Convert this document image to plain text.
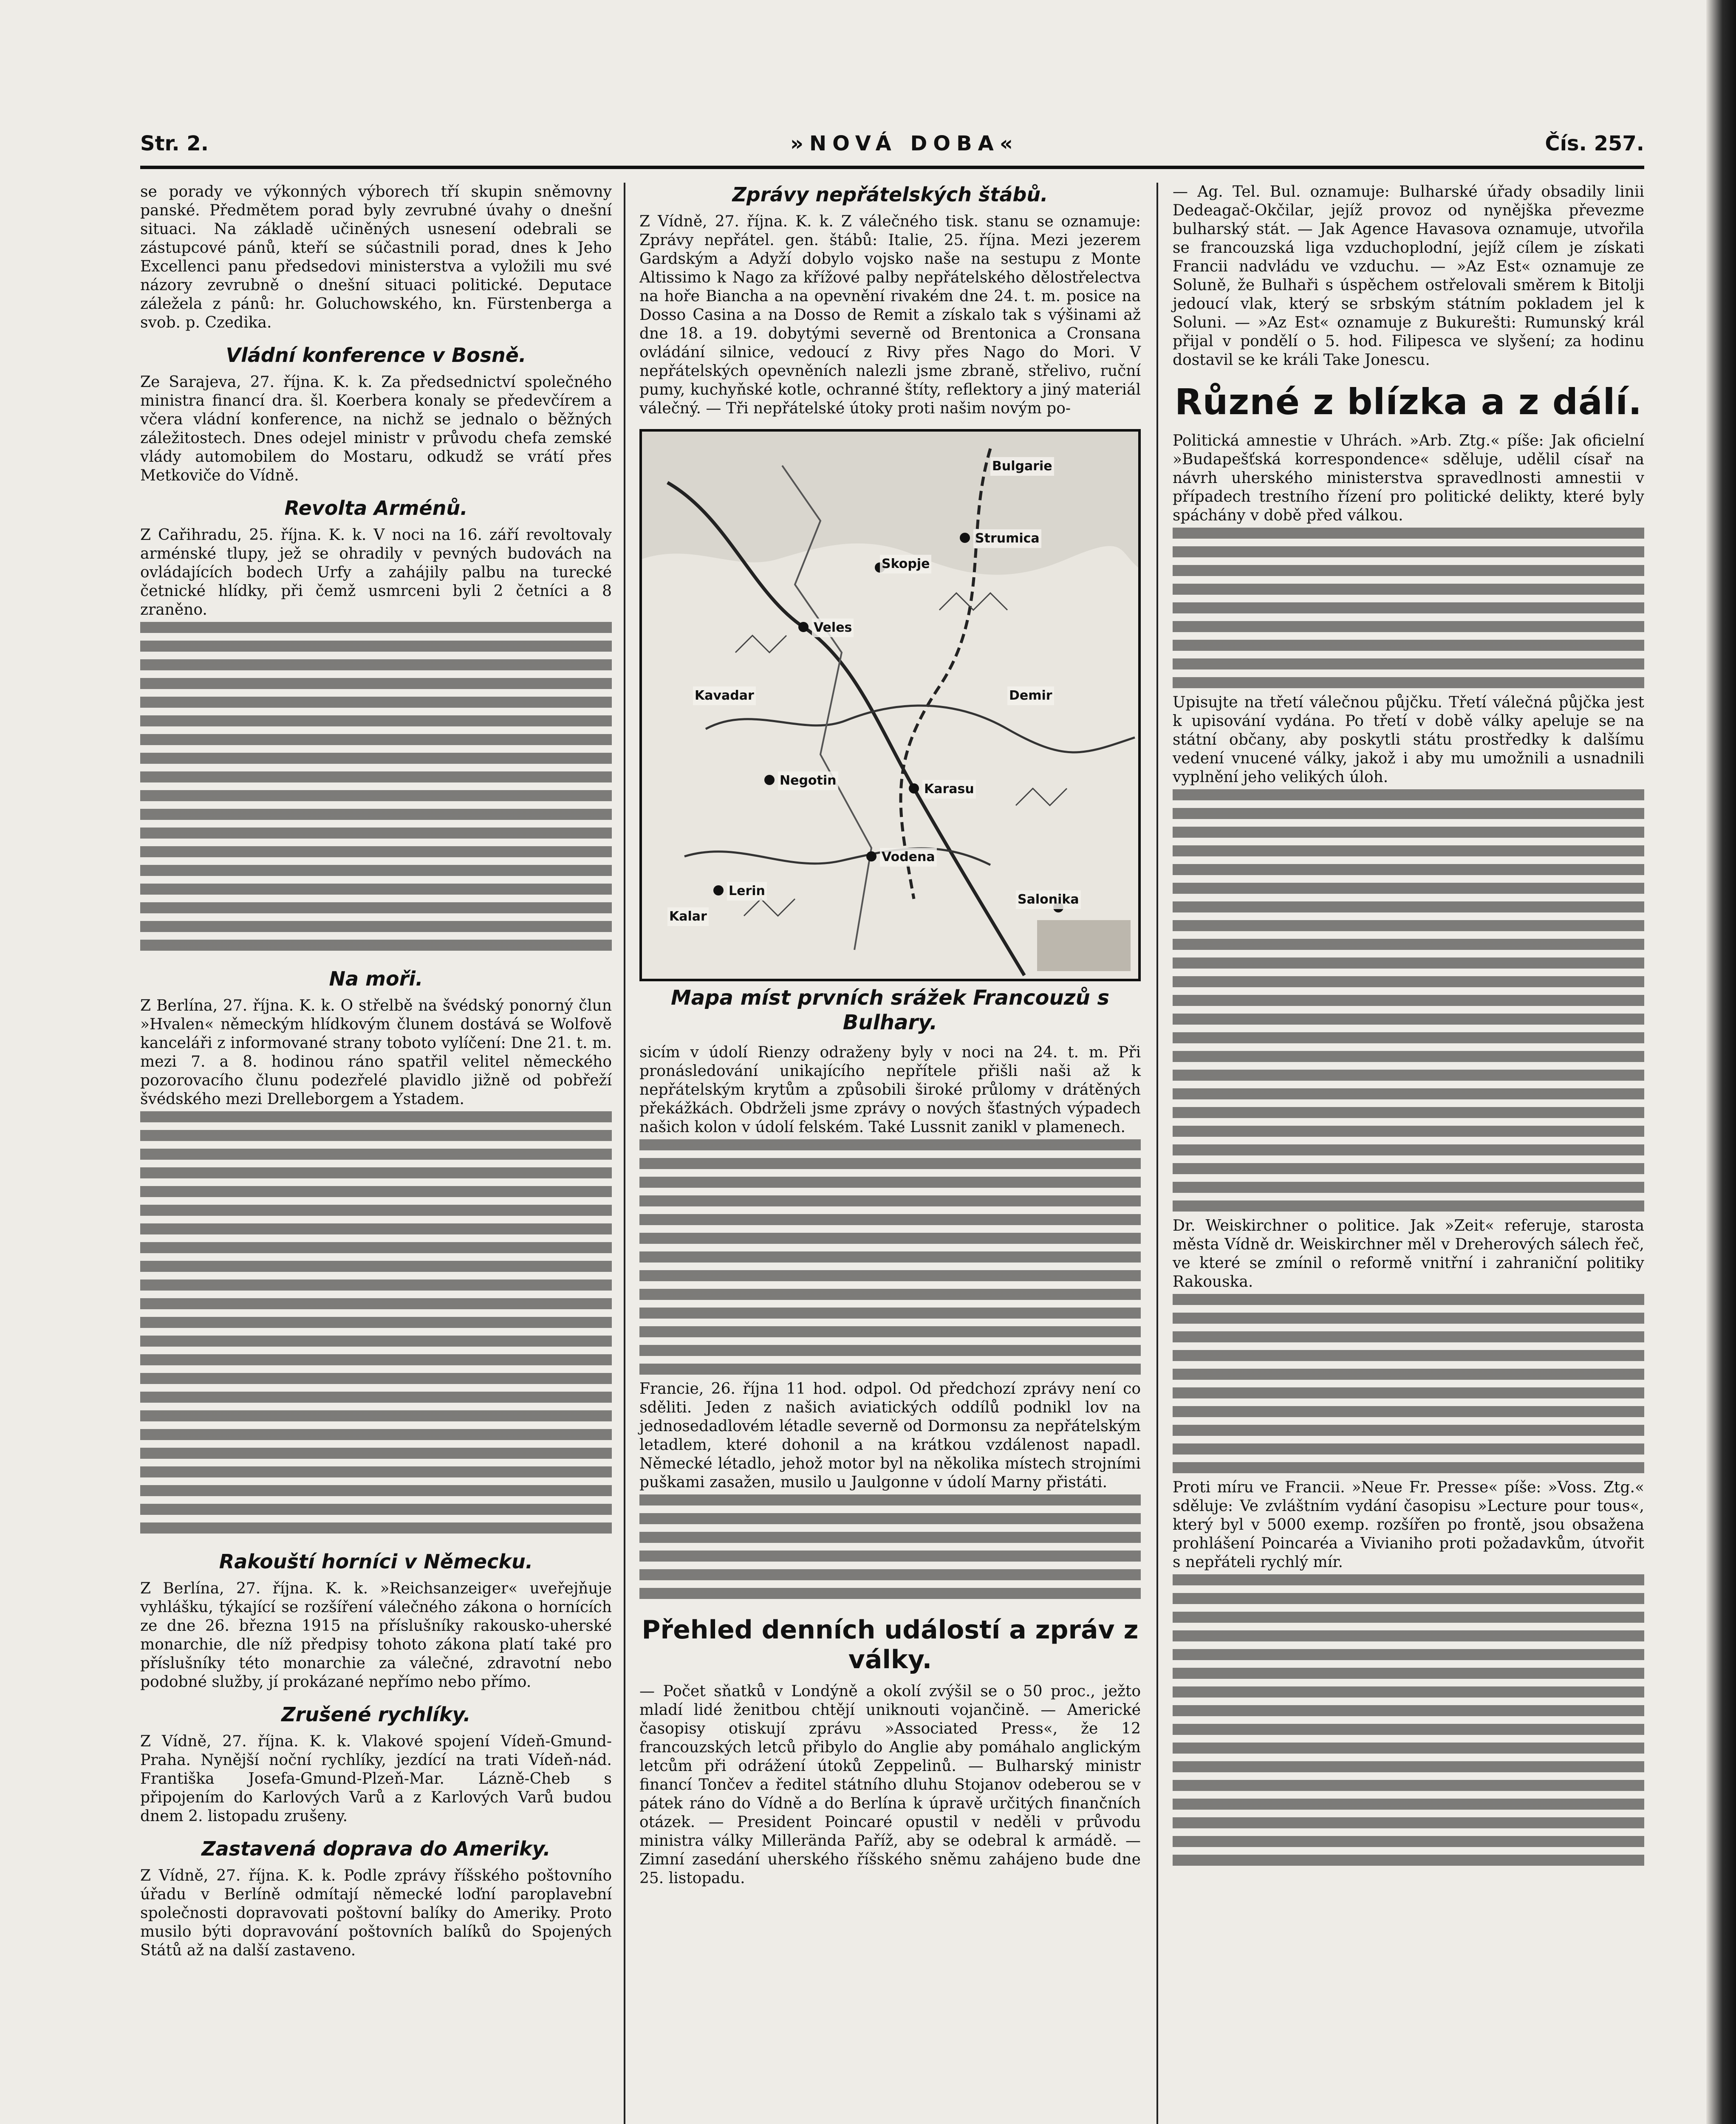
Str. 2.	»NOVÁ DOBA«	Čís. 257.

se porady ve výkonných výborech tří skupin sněmovny panské. Předmětem porad byly zevrubné úvahy o dnešní situaci. Na základě učiněných usnesení odebrali se zástupcové pánů, kteří se súčastnili porad, dnes k Jeho Excellenci panu předsedovi ministerstva a vyložili mu své názory zevrubně o dnešní situaci politické. Deputace záležela z pánů: hr. Goluchowského, kn. Fürstenberga a svob. p. Czedika.

Vládní konference v Bosně.

Ze Sarajeva, 27. října. K. k. Za předsednictví společného ministra financí dra. šl. Koerbera konaly se předevčírem a včera vládní konference, na nichž se jednalo o běžných záležitostech. Dnes odejel ministr v průvodu chefa zemské vlády automobilem do Mostaru, odkudž se vrátí přes Metkoviče do Vídně.

Revolta Arménů.

Z Cařihradu, 25. října. K. k. V noci na 16. září revoltovaly arménské tlupy, jež se ohradily v pevných budovách na ovládajících bodech Urfy a zahájily palbu na turecké četnické hlídky, při čemž usmrceni byli 2 četníci a 8 zraněno.

Na moři.

Z Berlína, 27. října. K. k. O střelbě na švédský ponorný člun »Hvalen« německým hlídkovým člunem dostává se Wolfově kanceláři z informované strany toboto vylíčení: Dne 21. t. m. mezi 7. a 8. hodinou ráno spatřil velitel německého pozorovacího člunu podezřelé plavidlo jižně od pobřeží švédského mezi Drelleborgem a Ystadem.

Rakouští horníci v Německu.

Z Berlína, 27. října. K. k. »Reichsanzeiger« uveřejňuje vyhlášku, týkající se rozšíření válečného zákona o hornících ze dne 26. března 1915 na příslušníky rakousko-uherské monarchie, dle níž předpisy tohoto zákona platí také pro příslušníky této monarchie za válečné, zdravotní nebo podobné služby, jí prokázané nepřímo nebo přímo.

Zrušené rychlíky.

Z Vídně, 27. října. K. k. Vlakové spojení Vídeň-Gmund-Praha. Nynější noční rychlíky, jezdící na trati Vídeň-nád. Františka Josefa-Gmund-Plzeň-Mar. Lázně-Cheb s připojením do Karlových Varů a z Karlových Varů budou dnem 2. listopadu zrušeny.

Zastavená doprava do Ameriky.

Z Vídně, 27. října. K. k. Podle zprávy říšského poštovního úřadu v Berlíně odmítají německé loďní paroplavební společnosti dopravovati poštovní balíky do Ameriky. Proto musilo býti dopravování poštovních balíků do Spojených Států až na další zastaveno.

Zprávy nepřátelských štábů.

Z Vídně, 27. října. K. k. Z válečného tisk. stanu se oznamuje: Zprávy nepřátel. gen. štábů: Italie, 25. října. Mezi jezerem Gardským a Adyží dobylo vojsko naše na sestupu z Monte Altissimo k Nago za křížové palby nepřátelského dělostřelectva na hoře Biancha a na opevnění rivakém dne 24. t. m. posice na Dosso Casina a na Dosso de Remit a získalo tak s výšinami až dne 18. a 19. dobytými severně od Brentonica a Cronsana ovládání silnice, vedoucí z Rivy přes Nago do Mori. V nepřátelských opevněních nalezli jsme zbraně, střelivo, ruční pumy, kuchyňské kotle, ochranné štíty, reflektory a jiný materiál válečný. — Tři nepřátelské útoky proti našim novým po-

Bulgarie
Strumica
Skopje
Veles
Kavadar
Negotin
Vodena
Karasu
Demir
Kalar
Lerin
Salonika
Mapa míst prvních srážek Francouzů s Bulhary.

sicím v údolí Rienzy odraženy byly v noci na 24. t. m. Při pronásledování unikajícího nepřítele přišli naši až k nepřátelským krytům a způsobili široké průlomy v drátěných překážkách. Obdrželi jsme zprávy o nových šťastných výpadech našich kolon v údolí felském. Také Lussnit zanikl v plamenech.

Francie, 26. října 11 hod. odpol. Od předchozí zprávy není co sděliti. Jeden z našich aviatických oddílů podnikl lov na jednosedadlovém létadle severně od Dormonsu za nepřátelským letadlem, které dohonil a na krátkou vzdálenost napadl. Německé létadlo, jehož motor byl na několika místech strojními puškami zasažen, musilo u Jaulgonne v údolí Marny přistáti.

Přehled denních událostí a zpráv z války.

— Počet sňatků v Londýně a okolí zvýšil se o 50 proc., ježto mladí lidé ženitbou chtějí uniknouti vojančině. — Americké časopisy otiskují zprávu »Associated Press«, že 12 francouzských letců přibylo do Anglie aby pomáhalo anglickým letcům při odrážení útoků Zeppelinů. — Bulharský ministr financí Tončev a ředitel státního dluhu Stojanov odeberou se v pátek ráno do Vídně a do Berlína k úpravě určitých finančních otázek. — President Poincaré opustil v neděli v průvodu ministra války Millerända Paříž, aby se odebral k armádě. — Zimní zasedání uherského říšského sněmu zahájeno bude dne 25. listopadu.

— Ag. Tel. Bul. oznamuje: Bulharské úřady obsadily linii Dedeagač-Okčilar, jejíž provoz od nynějška převezme bulharský stát. — Jak Agence Havasova oznamuje, utvořila se francouzská liga vzduchoplodní, jejíž cílem je získati Francii nadvládu ve vzduchu. — »Az Est« oznamuje ze Soluně, že Bulhaři s úspěchem ostřelovali směrem k Bitolji jedoucí vlak, který se srbským státním pokladem jel k Soluni. — »Az Est« oznamuje z Bukurešti: Rumunský král přijal v pondělí o 5. hod. Filipesca ve slyšení; za hodinu dostavil se ke králi Take Jonescu.

Různé z blízka a z dálí.

Politická amnestie v Uhrách. »Arb. Ztg.« píše: Jak oficielní »Budapešťská korrespondence« sděluje, udělil císař na návrh uherského ministerstva spravedlnosti amnestii v případech trestního řízení pro politické delikty, které byly spáchány v době před válkou.

Upisujte na třetí válečnou půjčku. Třetí válečná půjčka jest k upisování vydána. Po třetí v době války apeluje se na státní občany, aby poskytli státu prostředky k dalšímu vedení vnucené války, jakož i aby mu umožnili a usnadnili vyplnění jeho velikých úloh.

Dr. Weiskirchner o politice. Jak »Zeit« referuje, starosta města Vídně dr. Weiskirchner měl v Dreherových sálech řeč, ve které se zmínil o reformě vnitřní i zahraniční politiky Rakouska.

Proti míru ve Francii. »Neue Fr. Presse« píše: »Voss. Ztg.« sděluje: Ve zvláštním vydání časopisu »Lecture pour tous«, který byl v 5000 exemp. rozšířen po frontě, jsou obsažena prohlášení Poincaréa a Vivianiho proti požadavkům, útvořit s nepřáteli rychlý mír.
